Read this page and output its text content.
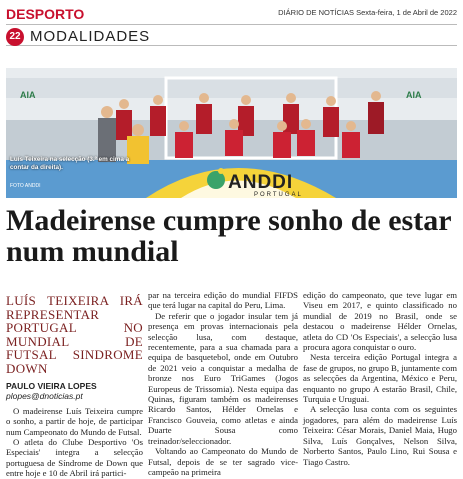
DESPORTO	DIÁRIO DE NOTÍCIAS Sexta-feira, 1 de Abril de 2022
22 MODALIDADES
AIA	AIA
Luís Teixeira na selecção (3.º em cima a contar da direita).
FOTO ANDDI	ANDDI
PORTUGAL
Madeirense cumpre sonho de estar num mundial
LUÍS TEIXEIRA IRÁ REPRESENTAR PORTUGAL NO MUNDIAL DE FUTSAL SINDROME DOWN
PAULO VIEIRA LOPES
plopes@dnoticias.pt

O madeirense Luís Teixeira cumpre o sonho, a partir de hoje, de participar num Campeonato do Mundo de Futsal.

O atleta do Clube Desportivo 'Os Especiais' integra a selecção portuguesa de Síndrome de Down que entre hoje e 10 de Abril irá partici-

par na terceira edição do mundial FIFDS que terá lugar na capital do Peru, Lima.

De referir que o jogador insular tem já presença em provas internacionais pela selecção lusa, com destaque, recentemente, para a sua chamada para a equipa de basquetebol, onde em Outubro de 2021 veio a conquistar a medalha de bronze nos Euro TriGames (Jogos Europeus de Trissomia). Nesta equipa das Quinas, figuram também os madeirenses Ricardo Santos, Hélder Ornelas e Francisco Gouveia, como atletas e ainda Duarte Sousa como treinador/seleccionador.

Voltando ao Campeonato do Mundo de Futsal, depois de se ter sagrado vice-campeão na primeira

edição do campeonato, que teve lugar em Viseu em 2017, e quinto classificado no mundial de 2019 no Brasil, onde se destacou o madeirense Hélder Ornelas, atleta do CD 'Os Especiais', a selecção lusa procura agora conquistar o ouro.

Nesta terceira edição Portugal integra a fase de grupos, no grupo B, juntamente com as selecções da Argentina, México e Peru, enquanto no grupo A estarão Brasil, Chile, Turquia e Uruguai.

A selecção lusa conta com os seguintes jogadores, para além do madeirense Luís Teixeira: César Morais, Daniel Maia, Hugo Silva, Luís Gonçalves, Nelson Silva, Norberto Santos, Paulo Lino, Rui Sousa e Tiago Castro.
